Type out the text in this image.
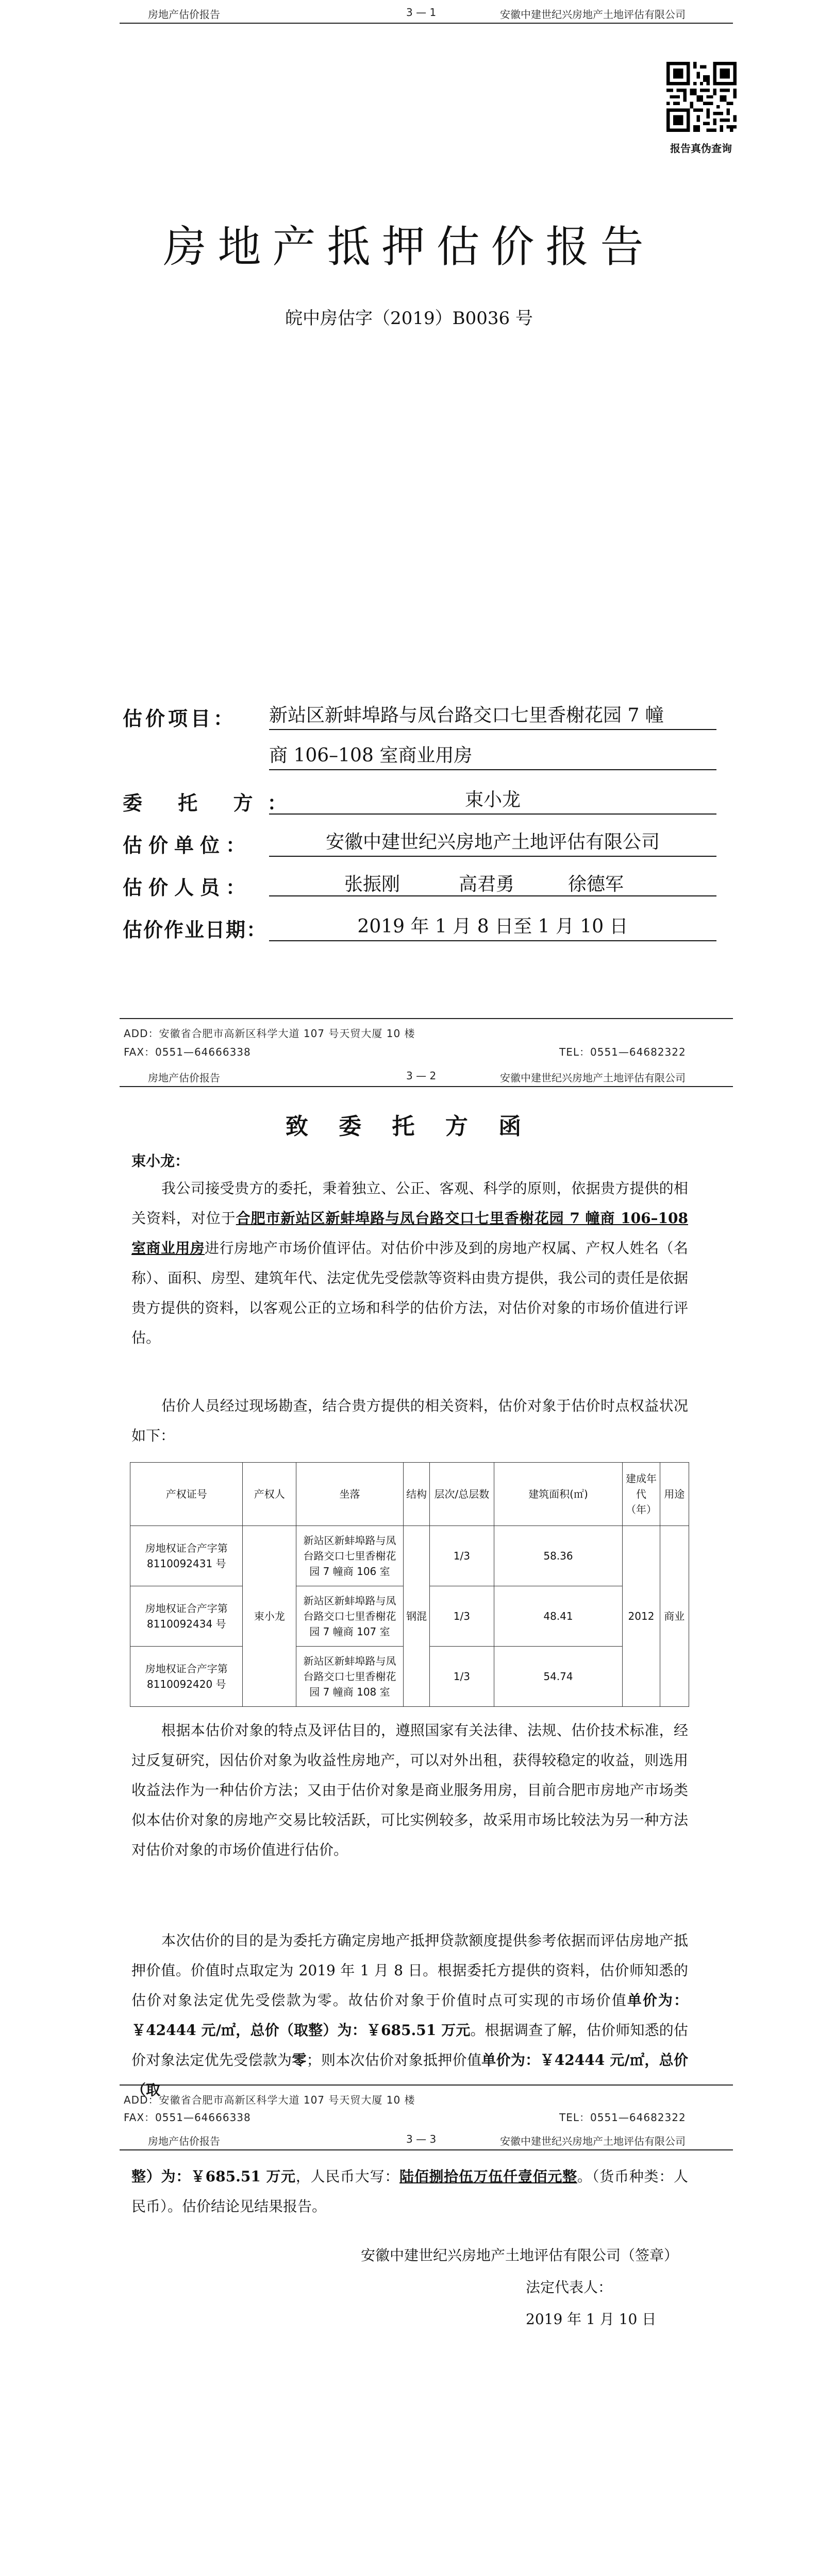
房地产估价报告	3 — 1	安徽中建世纪兴房地产土地评估有限公司
报告真伪查询
房地产抵押估价报告
皖中房估字（2019）B0036 号
估价项目： 新站区新蚌埠路与凤台路交口七里香榭花园 7 幢
商 106–108 室商业用房
委 托 方：	束小龙
估价单位：	安徽中建世纪兴房地产土地评估有限公司
估价人员：	张振刚	高君勇	徐德军
估价作业日期：	2019 年 1 月 8 日至 1 月 10 日
ADD：安徽省合肥市高新区科学大道 107 号天贸大厦 10 楼
FAX：0551—64666338	TEL：0551—64682322
房地产估价报告	3 — 2	安徽中建世纪兴房地产土地评估有限公司
致 委 托 方 函
束小龙：
我公司接受贵方的委托，秉着独立、公正、客观、科学的原则，依据贵方提供的相关资料，对位于合肥市新站区新蚌埠路与凤台路交口七里香榭花园 7 幢商 106–108 室商业用房进行房地产市场价值评估。对估价中涉及到的房地产权属、产权人姓名（名称）、面积、房型、建筑年代、法定优先受偿款等资料由贵方提供，我公司的责任是依据贵方提供的资料，以客观公正的立场和科学的估价方法，对估价对象的市场价值进行评估。
估价人员经过现场勘查，结合贵方提供的相关资料，估价对象于估价时点权益状况如下：
产权证号	产权人	坐落	结构	层次/总层数	建筑面积(㎡)	建成年代（年）	用途
房地权证合产字第 8110092431 号	束小龙	新站区新蚌埠路与凤台路交口七里香榭花园 7 幢商 106 室	钢混	1/3	58.36	2012	商业
房地权证合产字第 8110092434 号		新站区新蚌埠路与凤台路交口七里香榭花园 7 幢商 107 室		1/3	48.41		
房地权证合产字第 8110092420 号		新站区新蚌埠路与凤台路交口七里香榭花园 7 幢商 108 室		1/3	54.74		
根据本估价对象的特点及评估目的，遵照国家有关法律、法规、估价技术标准，经过反复研究，因估价对象为收益性房地产，可以对外出租，获得较稳定的收益，则选用收益法作为一种估价方法；又由于估价对象是商业服务用房，目前合肥市房地产市场类似本估价对象的房地产交易比较活跃，可比实例较多，故采用市场比较法为另一种方法对估价对象的市场价值进行估价。
本次估价的目的是为委托方确定房地产抵押贷款额度提供参考依据而评估房地产抵押价值。价值时点取定为 2019 年 1 月 8 日。根据委托方提供的资料，估价师知悉的估价对象法定优先受偿款为零。故估价对象于价值时点可实现的市场价值单价为：￥42444 元/㎡，总价（取整）为：￥685.51 万元。根据调查了解，估价师知悉的估价对象法定优先受偿款为零；则本次估价对象抵押价值单价为：￥42444 元/㎡，总价（取
ADD：安徽省合肥市高新区科学大道 107 号天贸大厦 10 楼
FAX：0551—64666338	TEL：0551—64682322
房地产估价报告	3 — 3	安徽中建世纪兴房地产土地评估有限公司
整）为：￥685.51 万元，人民币大写：陆佰捌拾伍万伍仟壹佰元整。（货币种类：人民币）。估价结论见结果报告。
安徽中建世纪兴房地产土地评估有限公司（签章）
法定代表人：
2019 年 1 月 10 日
